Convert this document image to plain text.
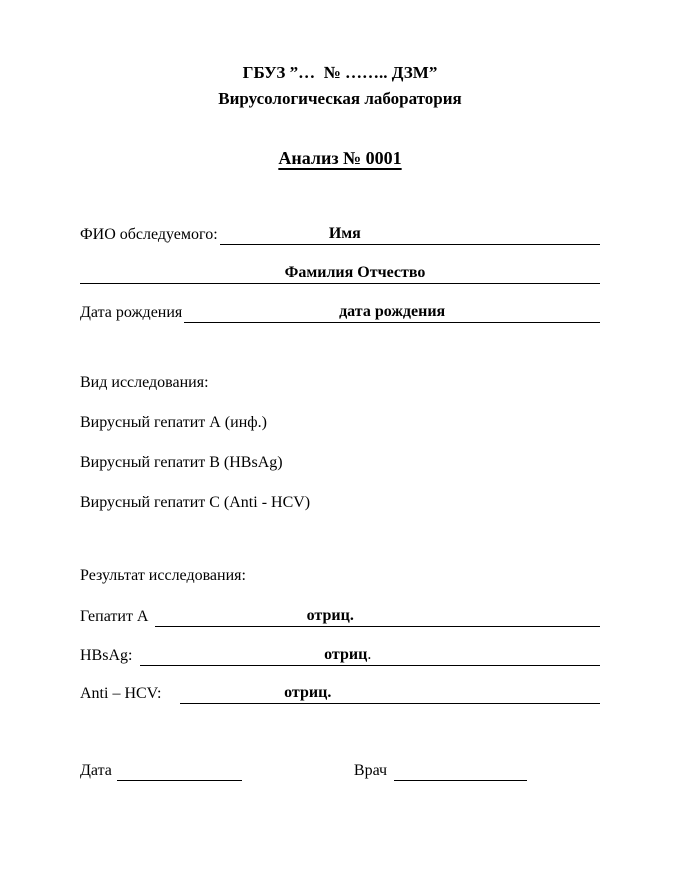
ГБУЗ ”…  № …….. ДЗМ”
Вирусологическая лаборатория
Анализ № 0001
ФИО обследуемого:	Имя
Фамилия Отчество
Дата рождения	дата рождения
Вид исследования:
Вирусный гепатит А (инф.)
Вирусный гепатит В (HBsAg)
Вирусный гепатит С (Anti - HCV)
Результат исследования:
Гепатит А	отриц.
HBsAg:	отриц.
Anti – HCV:	отриц.
Дата	Врач
